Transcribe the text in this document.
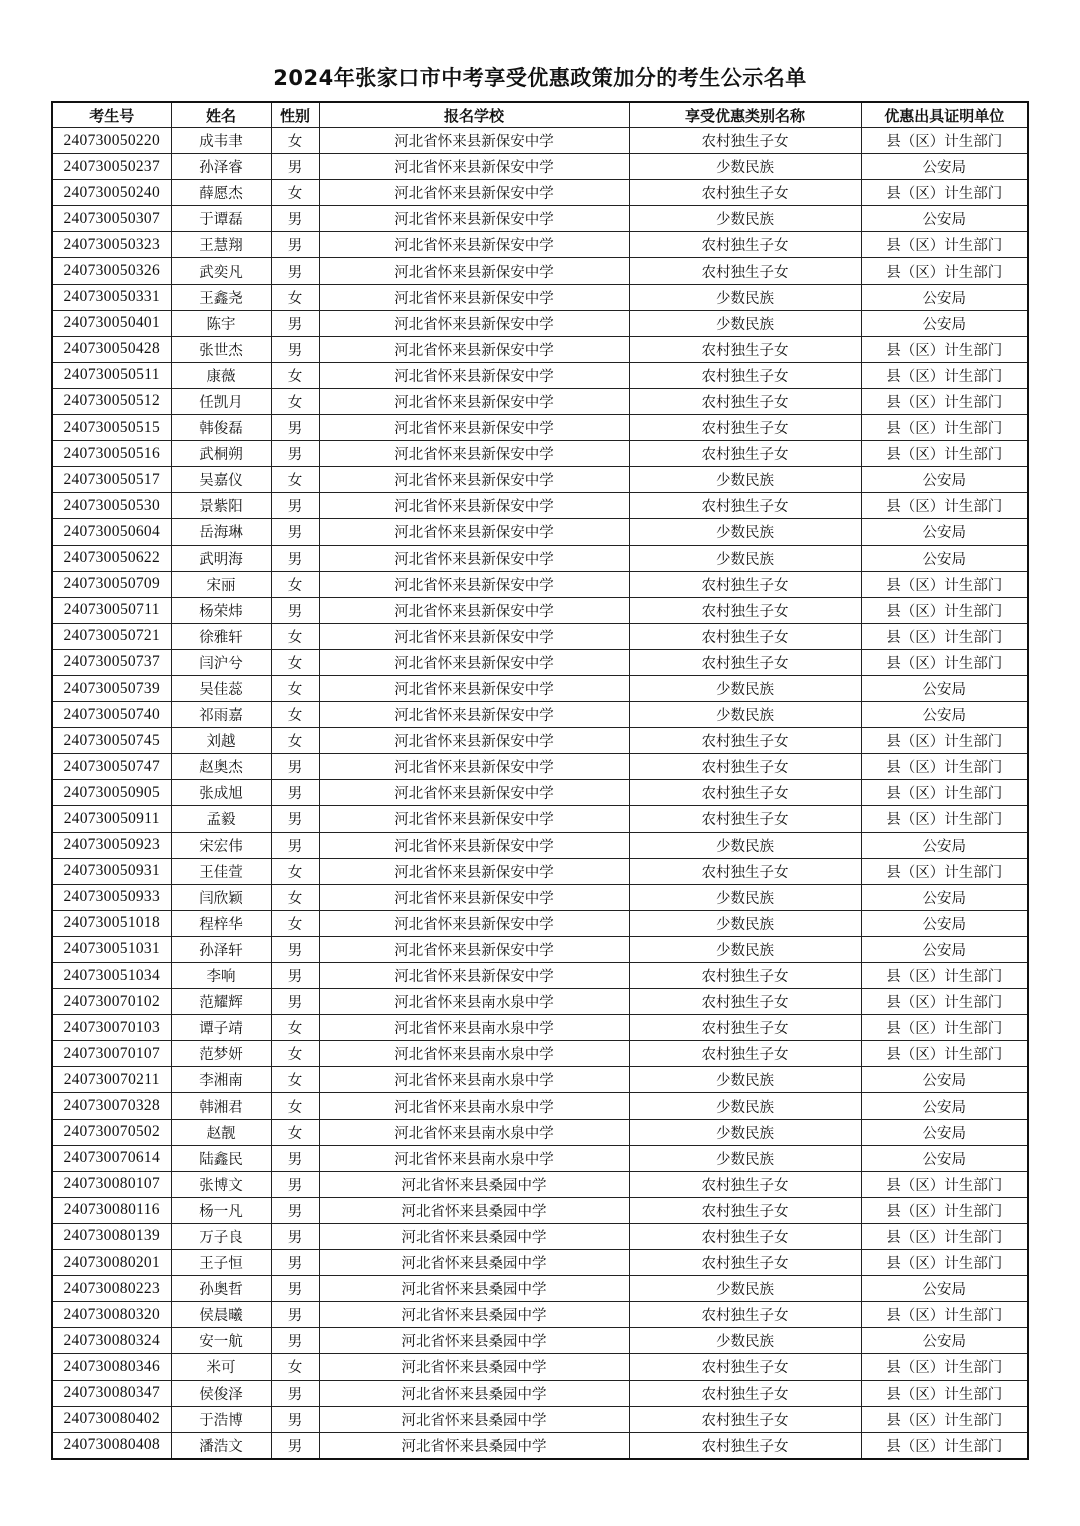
2024年张家口市中考享受优惠政策加分的考生公示名单
考生号	姓名	性别	报名学校	享受优惠类别名称	优惠出具证明单位
240730050220	成韦聿	女	河北省怀来县新保安中学	农村独生子女	县（区）计生部门
240730050237	孙泽睿	男	河北省怀来县新保安中学	少数民族	公安局
240730050240	薛愿杰	女	河北省怀来县新保安中学	农村独生子女	县（区）计生部门
240730050307	于谭磊	男	河北省怀来县新保安中学	少数民族	公安局
240730050323	王慧翔	男	河北省怀来县新保安中学	农村独生子女	县（区）计生部门
240730050326	武奕凡	男	河北省怀来县新保安中学	农村独生子女	县（区）计生部门
240730050331	王鑫尧	女	河北省怀来县新保安中学	少数民族	公安局
240730050401	陈宇	男	河北省怀来县新保安中学	少数民族	公安局
240730050428	张世杰	男	河北省怀来县新保安中学	农村独生子女	县（区）计生部门
240730050511	康薇	女	河北省怀来县新保安中学	农村独生子女	县（区）计生部门
240730050512	任凯月	女	河北省怀来县新保安中学	农村独生子女	县（区）计生部门
240730050515	韩俊磊	男	河北省怀来县新保安中学	农村独生子女	县（区）计生部门
240730050516	武桐朔	男	河北省怀来县新保安中学	农村独生子女	县（区）计生部门
240730050517	吴嘉仪	女	河北省怀来县新保安中学	少数民族	公安局
240730050530	景紫阳	男	河北省怀来县新保安中学	农村独生子女	县（区）计生部门
240730050604	岳海琳	男	河北省怀来县新保安中学	少数民族	公安局
240730050622	武明海	男	河北省怀来县新保安中学	少数民族	公安局
240730050709	宋丽	女	河北省怀来县新保安中学	农村独生子女	县（区）计生部门
240730050711	杨荣炜	男	河北省怀来县新保安中学	农村独生子女	县（区）计生部门
240730050721	徐雅轩	女	河北省怀来县新保安中学	农村独生子女	县（区）计生部门
240730050737	闫沪兮	女	河北省怀来县新保安中学	农村独生子女	县（区）计生部门
240730050739	吴佳蕊	女	河北省怀来县新保安中学	少数民族	公安局
240730050740	祁雨嘉	女	河北省怀来县新保安中学	少数民族	公安局
240730050745	刘越	女	河北省怀来县新保安中学	农村独生子女	县（区）计生部门
240730050747	赵奥杰	男	河北省怀来县新保安中学	农村独生子女	县（区）计生部门
240730050905	张成旭	男	河北省怀来县新保安中学	农村独生子女	县（区）计生部门
240730050911	孟毅	男	河北省怀来县新保安中学	农村独生子女	县（区）计生部门
240730050923	宋宏伟	男	河北省怀来县新保安中学	少数民族	公安局
240730050931	王佳萱	女	河北省怀来县新保安中学	农村独生子女	县（区）计生部门
240730050933	闫欣颖	女	河北省怀来县新保安中学	少数民族	公安局
240730051018	程梓华	女	河北省怀来县新保安中学	少数民族	公安局
240730051031	孙泽轩	男	河北省怀来县新保安中学	少数民族	公安局
240730051034	李响	男	河北省怀来县新保安中学	农村独生子女	县（区）计生部门
240730070102	范耀辉	男	河北省怀来县南水泉中学	农村独生子女	县（区）计生部门
240730070103	谭子靖	女	河北省怀来县南水泉中学	农村独生子女	县（区）计生部门
240730070107	范梦妍	女	河北省怀来县南水泉中学	农村独生子女	县（区）计生部门
240730070211	李湘南	女	河北省怀来县南水泉中学	少数民族	公安局
240730070328	韩湘君	女	河北省怀来县南水泉中学	少数民族	公安局
240730070502	赵靓	女	河北省怀来县南水泉中学	少数民族	公安局
240730070614	陆鑫民	男	河北省怀来县南水泉中学	少数民族	公安局
240730080107	张博文	男	河北省怀来县桑园中学	农村独生子女	县（区）计生部门
240730080116	杨一凡	男	河北省怀来县桑园中学	农村独生子女	县（区）计生部门
240730080139	万子良	男	河北省怀来县桑园中学	农村独生子女	县（区）计生部门
240730080201	王子恒	男	河北省怀来县桑园中学	农村独生子女	县（区）计生部门
240730080223	孙奥哲	男	河北省怀来县桑园中学	少数民族	公安局
240730080320	侯晨曦	男	河北省怀来县桑园中学	农村独生子女	县（区）计生部门
240730080324	安一航	男	河北省怀来县桑园中学	少数民族	公安局
240730080346	米可	女	河北省怀来县桑园中学	农村独生子女	县（区）计生部门
240730080347	侯俊泽	男	河北省怀来县桑园中学	农村独生子女	县（区）计生部门
240730080402	于浩博	男	河北省怀来县桑园中学	农村独生子女	县（区）计生部门
240730080408	潘浩文	男	河北省怀来县桑园中学	农村独生子女	县（区）计生部门
